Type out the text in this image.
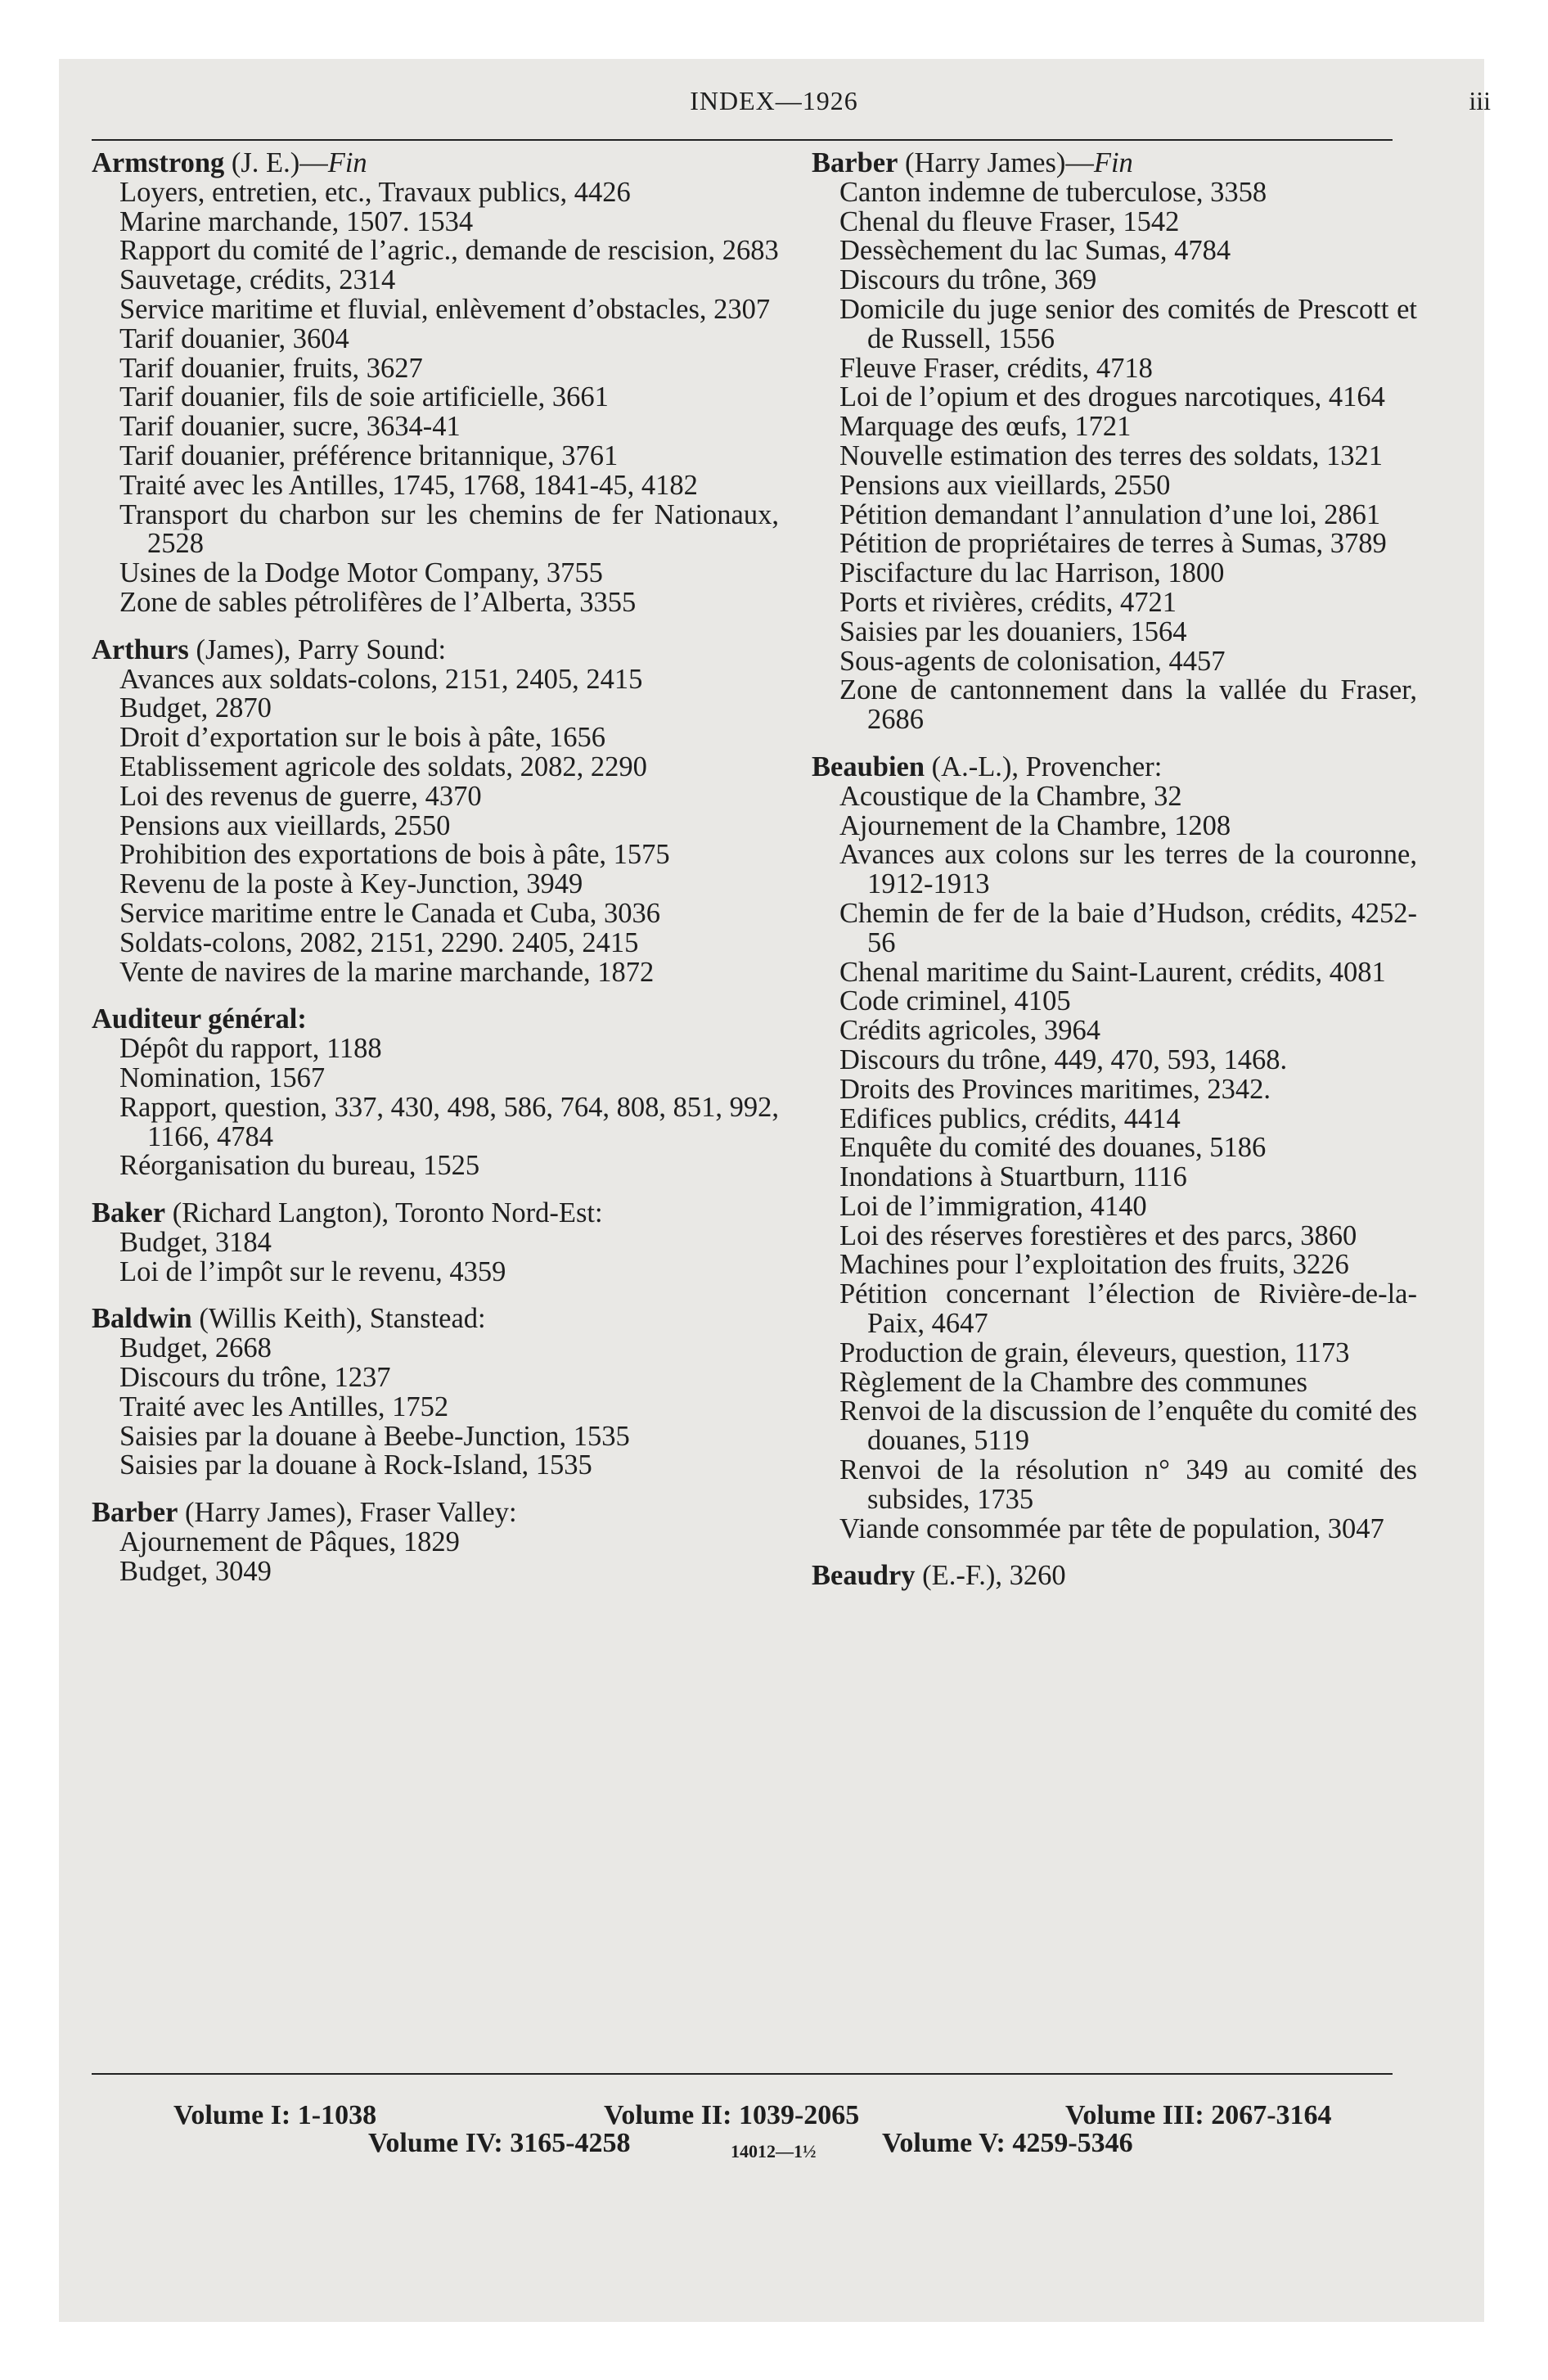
INDEX—1926	iii
Armstrong (J. E.)—Fin
Loyers, entretien, etc., Travaux publics, 4426
Marine marchande, 1507. 1534
Rapport du comité de l’agric., demande de rescision, 2683
Sauvetage, crédits, 2314
Service maritime et fluvial, enlèvement d’obstacles, 2307
Tarif douanier, 3604
Tarif douanier, fruits, 3627
Tarif douanier, fils de soie artificielle, 3661
Tarif douanier, sucre, 3634-41
Tarif douanier, préférence britannique, 3761
Traité avec les Antilles, 1745, 1768, 1841-45, 4182
Transport du charbon sur les chemins de fer Nationaux, 2528
Usines de la Dodge Motor Company, 3755
Zone de sables pétrolifères de l’Alberta, 3355
Arthurs (James), Parry Sound:
Avances aux soldats-colons, 2151, 2405, 2415
Budget, 2870
Droit d’exportation sur le bois à pâte, 1656
Etablissement agricole des soldats, 2082, 2290
Loi des revenus de guerre, 4370
Pensions aux vieillards, 2550
Prohibition des exportations de bois à pâte, 1575
Revenu de la poste à Key-Junction, 3949
Service maritime entre le Canada et Cuba, 3036
Soldats-colons, 2082, 2151, 2290. 2405, 2415
Vente de navires de la marine marchande, 1872
Auditeur général:
Dépôt du rapport, 1188
Nomination, 1567
Rapport, question, 337, 430, 498, 586, 764, 808, 851, 992, 1166, 4784
Réorganisation du bureau, 1525
Baker (Richard Langton), Toronto Nord-Est:
Budget, 3184
Loi de l’impôt sur le revenu, 4359
Baldwin (Willis Keith), Stanstead:
Budget, 2668
Discours du trône, 1237
Traité avec les Antilles, 1752
Saisies par la douane à Beebe-Junction, 1535
Saisies par la douane à Rock-Island, 1535
Barber (Harry James), Fraser Valley:
Ajournement de Pâques, 1829
Budget, 3049
Barber (Harry James)—Fin
Canton indemne de tuberculose, 3358
Chenal du fleuve Fraser, 1542
Dessèchement du lac Sumas, 4784
Discours du trône, 369
Domicile du juge senior des comités de Prescott et de Russell, 1556
Fleuve Fraser, crédits, 4718
Loi de l’opium et des drogues narcotiques, 4164
Marquage des œufs, 1721
Nouvelle estimation des terres des soldats, 1321
Pensions aux vieillards, 2550
Pétition demandant l’annulation d’une loi, 2861
Pétition de propriétaires de terres à Sumas, 3789
Piscifacture du lac Harrison, 1800
Ports et rivières, crédits, 4721
Saisies par les douaniers, 1564
Sous-agents de colonisation, 4457
Zone de cantonnement dans la vallée du Fraser, 2686
Beaubien (A.-L.), Provencher:
Acoustique de la Chambre, 32
Ajournement de la Chambre, 1208
Avances aux colons sur les terres de la couronne, 1912-1913
Chemin de fer de la baie d’Hudson, crédits, 4252-56
Chenal maritime du Saint-Laurent, crédits, 4081
Code criminel, 4105
Crédits agricoles, 3964
Discours du trône, 449, 470, 593, 1468.
Droits des Provinces maritimes, 2342.
Edifices publics, crédits, 4414
Enquête du comité des douanes, 5186
Inondations à Stuartburn, 1116
Loi de l’immigration, 4140
Loi des réserves forestières et des parcs, 3860
Machines pour l’exploitation des fruits, 3226
Pétition concernant l’élection de Rivière-de-la-Paix, 4647
Production de grain, éleveurs, question, 1173
Règlement de la Chambre des communes
Renvoi de la discussion de l’enquête du comité des douanes, 5119
Renvoi de la résolution n° 349 au comité des subsides, 1735
Viande consommée par tête de population, 3047
Beaudry (E.-F.), 3260
Volume I: 1-1038	Volume II: 1039-2065	Volume III: 2067-3164
Volume IV: 3165-4258	Volume V: 4259-5346
14012—1½
